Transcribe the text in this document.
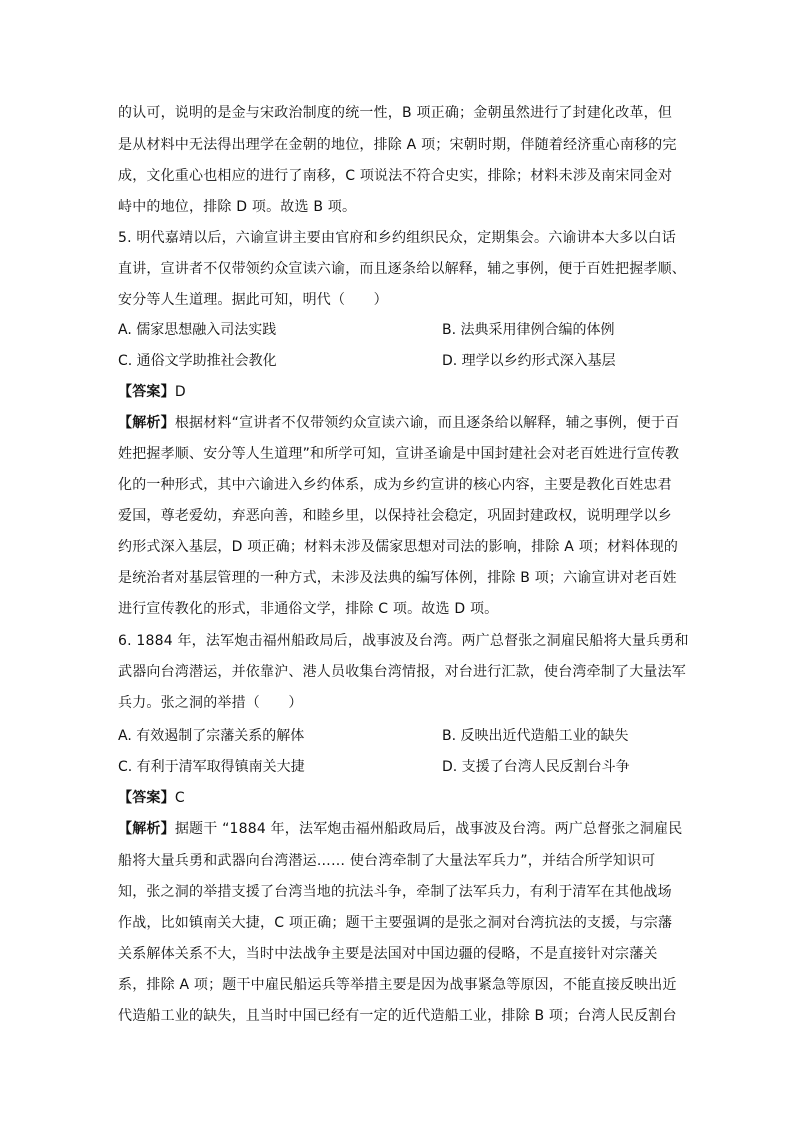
的认可，说明的是金与宋政治制度的统一性，B 项正确；金朝虽然进行了封建化改革，但
是从材料中无法得出理学在金朝的地位，排除 A 项；宋朝时期，伴随着经济重心南移的完
成，文化重心也相应的进行了南移，C 项说法不符合史实，排除；材料未涉及南宋同金对
峙中的地位，排除 D 项。故选 B 项。
5. 明代嘉靖以后，六谕宣讲主要由官府和乡约组织民众，定期集会。六谕讲本大多以白话
直讲，宣讲者不仅带领约众宣读六谕，而且逐条给以解释，辅之事例，便于百姓把握孝顺、
安分等人生道理。据此可知，明代（　　）
A. 儒家思想融入司法实践	B. 法典采用律例合编的体例
C. 通俗文学助推社会教化	D. 理学以乡约形式深入基层
【答案】D
【解析】根据材料“宣讲者不仅带领约众宣读六谕，而且逐条给以解释，辅之事例，便于百
姓把握孝顺、安分等人生道理”和所学可知，宣讲圣谕是中国封建社会对老百姓进行宣传教
化的一种形式，其中六谕进入乡约体系，成为乡约宣讲的核心内容，主要是教化百姓忠君
爱国，尊老爱幼，弃恶向善，和睦乡里，以保持社会稳定，巩固封建政权，说明理学以乡
约形式深入基层，D 项正确；材料未涉及儒家思想对司法的影响，排除 A 项；材料体现的
是统治者对基层管理的一种方式，未涉及法典的编写体例，排除 B 项；六谕宣讲对老百姓
进行宣传教化的形式，非通俗文学，排除 C 项。故选 D 项。
6. 1884 年，法军炮击福州船政局后，战事波及台湾。两广总督张之洞雇民船将大量兵勇和
武器向台湾潜运，并依靠沪、港人员收集台湾情报，对台进行汇款，使台湾牵制了大量法军
兵力。张之洞的举措（　　）
A. 有效遏制了宗藩关系的解体	B. 反映出近代造船工业的缺失
C. 有利于清军取得镇南关大捷	D. 支援了台湾人民反割台斗争
【答案】C
【解析】据题干 “1884 年，法军炮击福州船政局后，战事波及台湾。两广总督张之洞雇民
船将大量兵勇和武器向台湾潜运…… 使台湾牵制了大量法军兵力”，并结合所学知识可
知，张之洞的举措支援了台湾当地的抗法斗争，牵制了法军兵力，有利于清军在其他战场
作战，比如镇南关大捷，C 项正确；题干主要强调的是张之洞对台湾抗法的支援，与宗藩
关系解体关系不大，当时中法战争主要是法国对中国边疆的侵略，不是直接针对宗藩关
系，排除 A 项；题干中雇民船运兵等举措主要是因为战事紧急等原因，不能直接反映出近
代造船工业的缺失，且当时中国已经有一定的近代造船工业，排除 B 项；台湾人民反割台
